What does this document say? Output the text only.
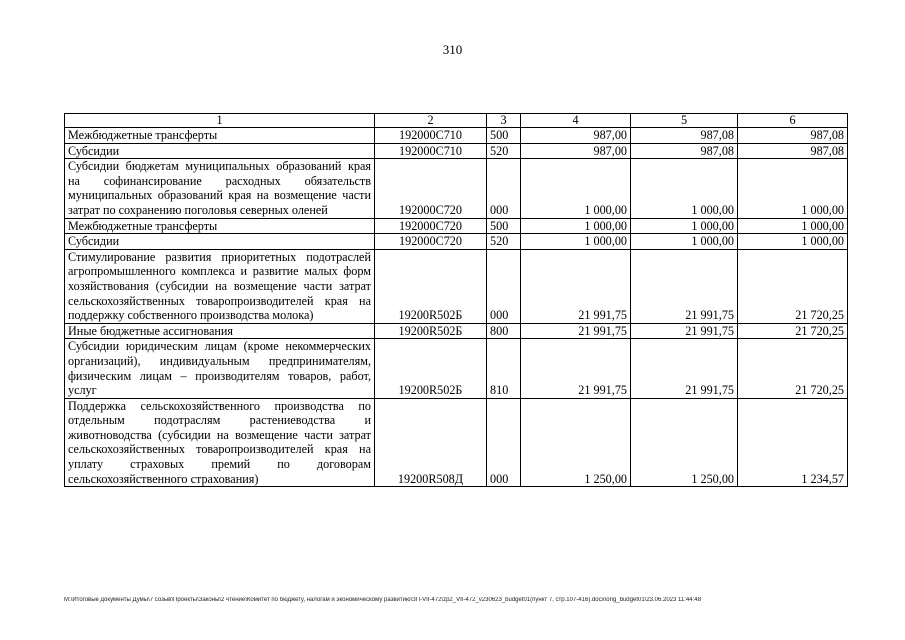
310
1	2	3	4	5	6
Межбюджетные трансферты	192000С710	500	987,00	987,08	987,08
Субсидии	192000С710	520	987,00	987,08	987,08
Субсидии бюджетам муниципальных образований края на софинансирование расходных обязательств муниципальных образований края на возмещение части затрат по сохранению поголовья северных оленей	192000С720	000	1 000,00	1 000,00	1 000,00
Межбюджетные трансферты	192000С720	500	1 000,00	1 000,00	1 000,00
Субсидии	192000С720	520	1 000,00	1 000,00	1 000,00
Стимулирование развития приоритетных подотраслей агропромышленного комплекса и развитие малых форм хозяйствования (субсидии на возмещение части затрат сельскохозяйственных товаропроизводителей края на поддержку собственного производства молока)	19200R502Б	000	21 991,75	21 991,75	21 720,25
Иные бюджетные ассигнования	19200R502Б	800	21 991,75	21 991,75	21 720,25
Субсидии юридическим лицам (кроме некоммерческих организаций), индивидуальным предпринимателям, физическим лицам – производителям товаров, работ, услуг	19200R502Б	810	21 991,75	21 991,75	21 720,25
Поддержка сельскохозяйственного производства по отдельным подотраслям растениеводства и животноводства (субсидии на возмещение части затрат сельскохозяйственных товаропроизводителей края на уплату страховых премий по договорам сельскохозяйственного страхования)	19200R508Д	000	1 250,00	1 250,00	1 234,57
M:\Итоговые документы Думы\7 созыв\Проекты\Законы\2 чтение\Комитет по бюджету, налогам и экономическому развитию\ЗП-VII-472\zp2_VII-472_v230623_budget01(пункт 7, стр.107-416).docx\orig_budget01\23.06.2023 11:44:48
